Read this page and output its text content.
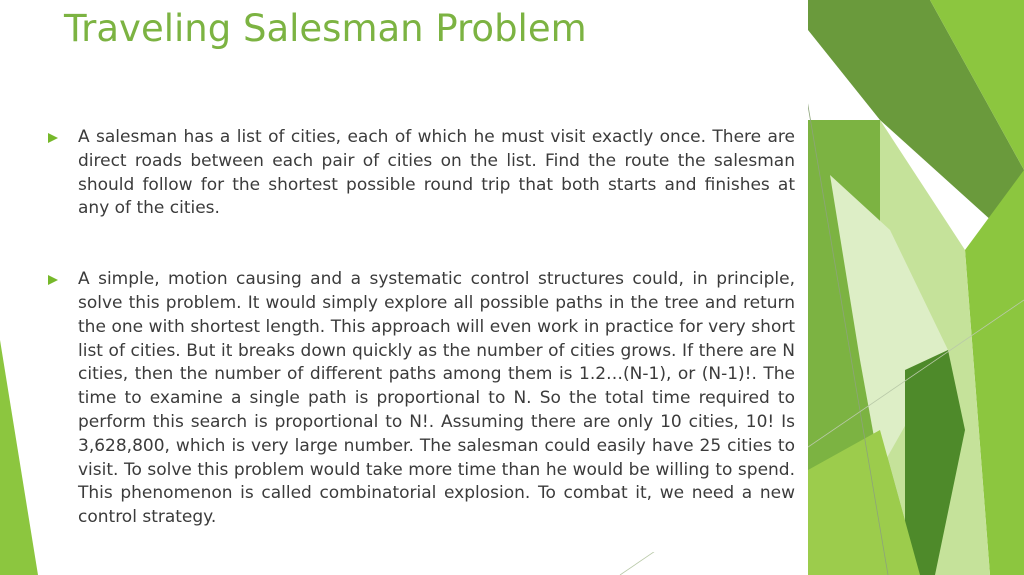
Traveling Salesman Problem
A salesman has a list of cities, each of which he must visit exactly once. There are direct roads between each pair of cities on the list. Find the route the salesman should follow for the shortest possible round trip that both starts and finishes at any of the cities.
A simple, motion causing and a systematic control structures could, in principle, solve this problem. It would simply explore all possible paths in the tree and return the one with shortest length. This approach will even work in practice for very short list of cities. But it breaks down quickly as the number of cities grows. If there are N cities, then the number of different paths among them is 1.2…(N-1), or (N-1)!. The time to examine a single path is proportional to N. So the total time required to perform this search is proportional to N!. Assuming there are only 10 cities, 10! Is 3,628,800, which is very large number. The salesman could easily have 25 cities to visit. To solve this problem would take more time than he would be willing to spend. This phenomenon is called combinatorial explosion. To combat it, we need a new control strategy.
